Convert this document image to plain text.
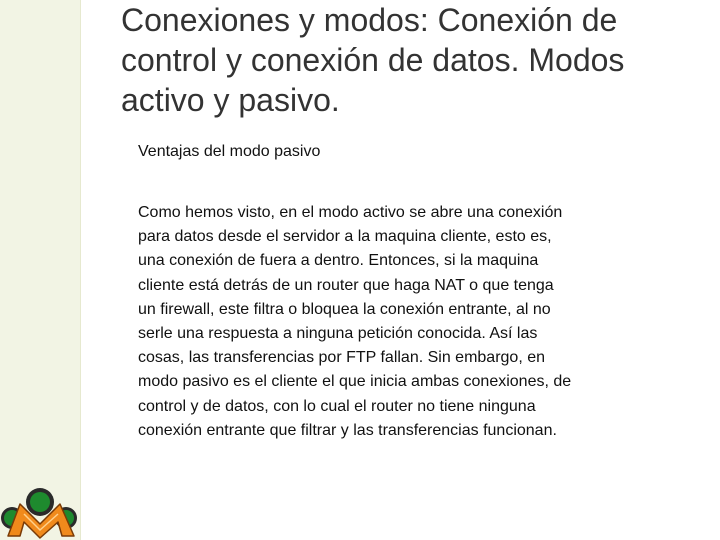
Conexiones y modos: Conexión de control y conexión de datos. Modos activo y pasivo.

Ventajas del modo pasivo

Como hemos visto, en el modo activo se abre una conexión
para datos desde el servidor a la maquina cliente, esto es,
una conexión de fuera a dentro. Entonces, si la maquina
cliente está detrás de un router que haga NAT o que tenga
un firewall, este filtra o bloquea la conexión entrante, al no
serle una respuesta a ninguna petición conocida. Así las
cosas, las transferencias por FTP fallan. Sin embargo, en
modo pasivo es el cliente el que inicia ambas conexiones, de
control y de datos, con lo cual el router no tiene ninguna
conexión entrante que filtrar y las transferencias funcionan.
